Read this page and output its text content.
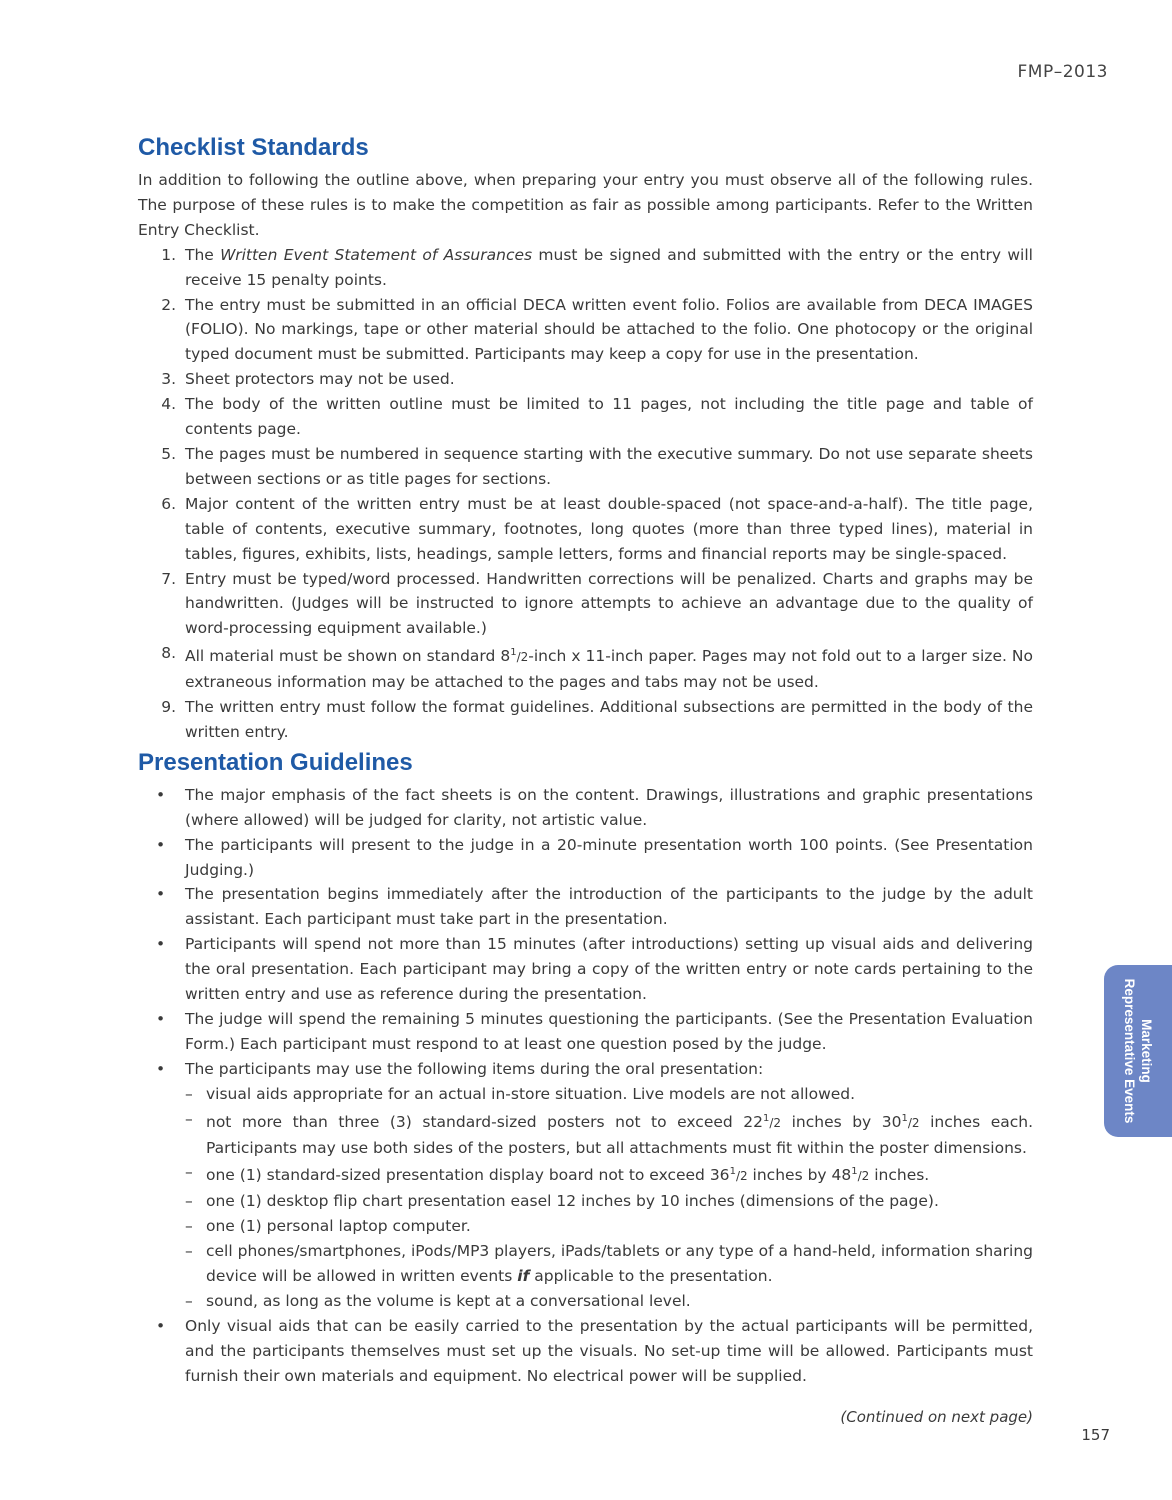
FMP–2013
Checklist Standards

In addition to following the outline above, when preparing your entry you must observe all of the following rules. The purpose of these rules is to make the competition as fair as possible among participants. Refer to the Written Entry Checklist.

1. The Written Event Statement of Assurances must be signed and submitted with the entry or the entry will receive 15 penalty points.
2. The entry must be submitted in an official DECA written event folio. Folios are available from DECA IMAGES (FOLIO). No markings, tape or other material should be attached to the folio. One photocopy or the original typed document must be submitted. Participants may keep a copy for use in the presentation.
3. Sheet protectors may not be used.
4. The body of the written outline must be limited to 11 pages, not including the title page and table of contents page.
5. The pages must be numbered in sequence starting with the executive summary. Do not use separate sheets between sections or as title pages for sections.
6. Major content of the written entry must be at least double-spaced (not space-and-a-half). The title page, table of contents, executive summary, footnotes, long quotes (more than three typed lines), material in tables, figures, exhibits, lists, headings, sample letters, forms and financial reports may be single-spaced.
7. Entry must be typed/word processed. Handwritten corrections will be penalized. Charts and graphs may be handwritten. (Judges will be instructed to ignore attempts to achieve an advantage due to the quality of word-processing equipment available.)
8. All material must be shown on standard $8^1/2$-inch x 11-inch paper. Pages may not fold out to a larger size. No extraneous information may be attached to the pages and tabs may not be used.
9. The written entry must follow the format guidelines. Additional subsections are permitted in the body of the written entry.
Presentation Guidelines
• The major emphasis of the fact sheets is on the content. Drawings, illustrations and graphic presentations (where allowed) will be judged for clarity, not artistic value.
• The participants will present to the judge in a 20-minute presentation worth 100 points. (See Presentation Judging.)
• The presentation begins immediately after the introduction of the participants to the judge by the adult assistant. Each participant must take part in the presentation.
• Participants will spend not more than 15 minutes (after introductions) setting up visual aids and delivering the oral presentation. Each participant may bring a copy of the written entry or note cards pertaining to the written entry and use as reference during the presentation.
• The judge will spend the remaining 5 minutes questioning the participants. (See the Presentation Evaluation Form.) Each participant must respond to at least one question posed by the judge.
• The participants may use the following items during the oral presentation:
– visual aids appropriate for an actual in-store situation. Live models are not allowed.
– not more than three (3) standard-sized posters not to exceed $22^1/2$ inches by $30^1/2$ inches each. Participants may use both sides of the posters, but all attachments must fit within the poster dimensions.
– one (1) standard-sized presentation display board not to exceed $36^1/2$ inches by $48^1/2$ inches.
– one (1) desktop flip chart presentation easel 12 inches by 10 inches (dimensions of the page).
– one (1) personal laptop computer.
– cell phones/smartphones, iPods/MP3 players, iPads/tablets or any type of a hand-held, information sharing device will be allowed in written events if applicable to the presentation.
– sound, as long as the volume is kept at a conversational level.
• Only visual aids that can be easily carried to the presentation by the actual participants will be permitted, and the participants themselves must set up the visuals. No set-up time will be allowed. Participants must furnish their own materials and equipment. No electrical power will be supplied.
(Continued on next page)
157
Marketing
Representative Events
